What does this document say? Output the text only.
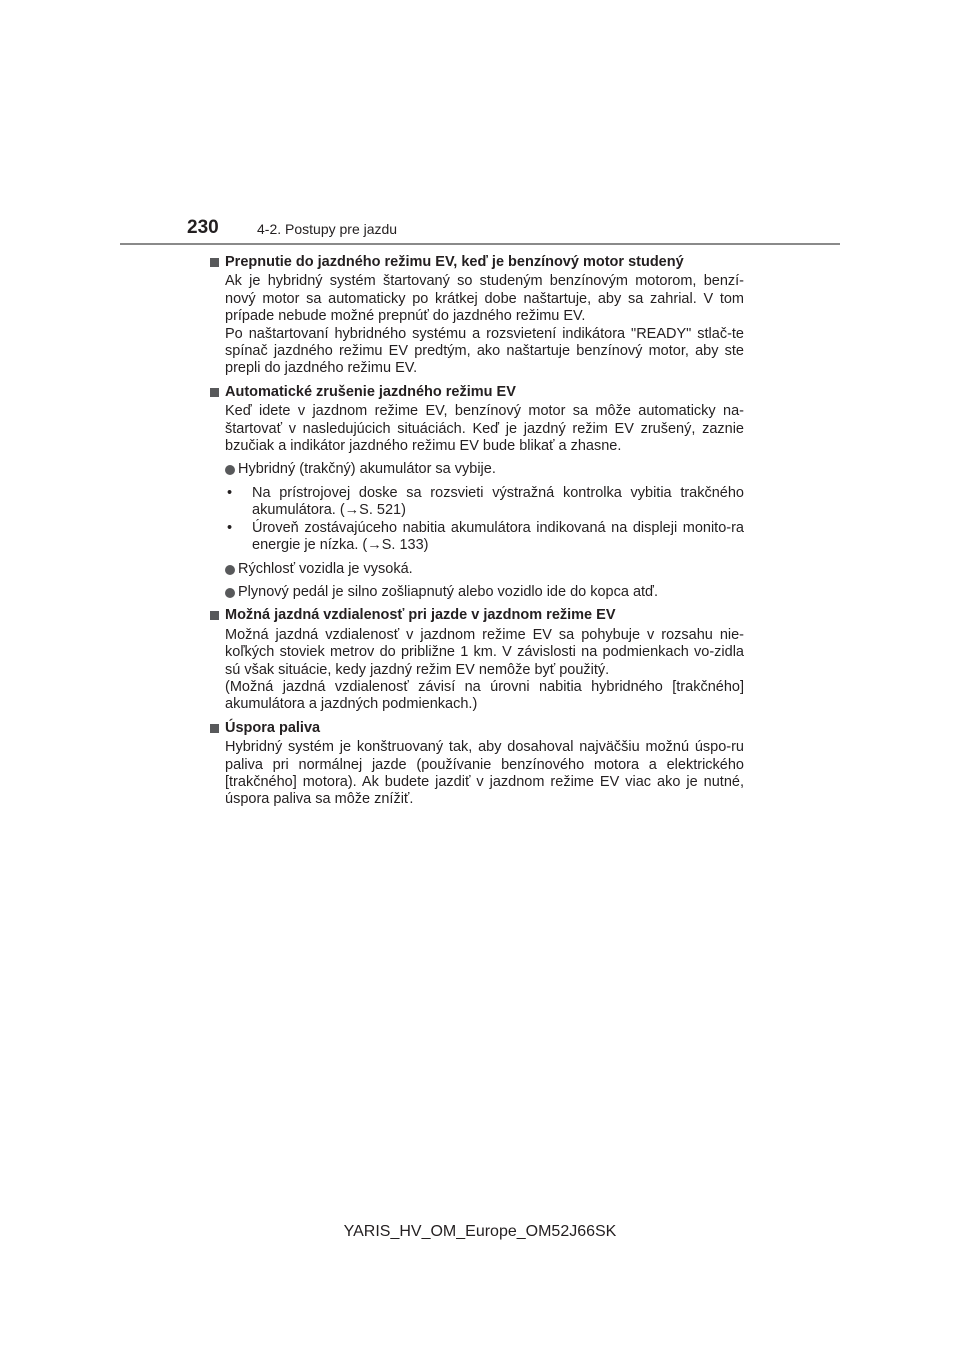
230	4-2. Postupy pre jazdu
Prepnutie do jazdného režimu EV, keď je benzínový motor studený
Ak je hybridný systém štartovaný so studeným benzínovým motorom, benzí-nový motor sa automaticky po krátkej dobe naštartuje, aby sa zahrial. V tom prípade nebude možné prepnúť do jazdného režimu EV.
Po naštartovaní hybridného systému a rozsvietení indikátora "READY" stlač-te spínač jazdného režimu EV predtým, ako naštartuje benzínový motor, aby ste prepli do jazdného režimu EV.
Automatické zrušenie jazdného režimu EV
Keď idete v jazdnom režime EV, benzínový motor sa môže automaticky na-štartovať v nasledujúcich situáciách. Keď je jazdný režim EV zrušený, zaznie bzučiak a indikátor jazdného režimu EV bude blikať a zhasne.
Hybridný (trakčný) akumulátor sa vybije.
•	Na prístrojovej doske sa rozsvieti výstražná kontrolka vybitia trakčného akumulátora. (→S. 521)
•	Úroveň zostávajúceho nabitia akumulátora indikovaná na displeji monito-ra energie je nízka. (→S. 133)
Rýchlosť vozidla je vysoká.
Plynový pedál je silno zošliapnutý alebo vozidlo ide do kopca atď.
Možná jazdná vzdialenosť pri jazde v jazdnom režime EV
Možná jazdná vzdialenosť v jazdnom režime EV sa pohybuje v rozsahu nie-koľkých stoviek metrov do približne 1 km. V závislosti na podmienkach vo-zidla sú však situácie, kedy jazdný režim EV nemôže byť použitý.
(Možná jazdná vzdialenosť závisí na úrovni nabitia hybridného [trakčného] akumulátora a jazdných podmienkach.)
Úspora paliva
Hybridný systém je konštruovaný tak, aby dosahoval najväčšiu možnú úspo-ru paliva pri normálnej jazde (používanie benzínového motora a elektrického [trakčného] motora). Ak budete jazdiť v jazdnom režime EV viac ako je nutné, úspora paliva sa môže znížiť.
YARIS_HV_OM_Europe_OM52J66SK
